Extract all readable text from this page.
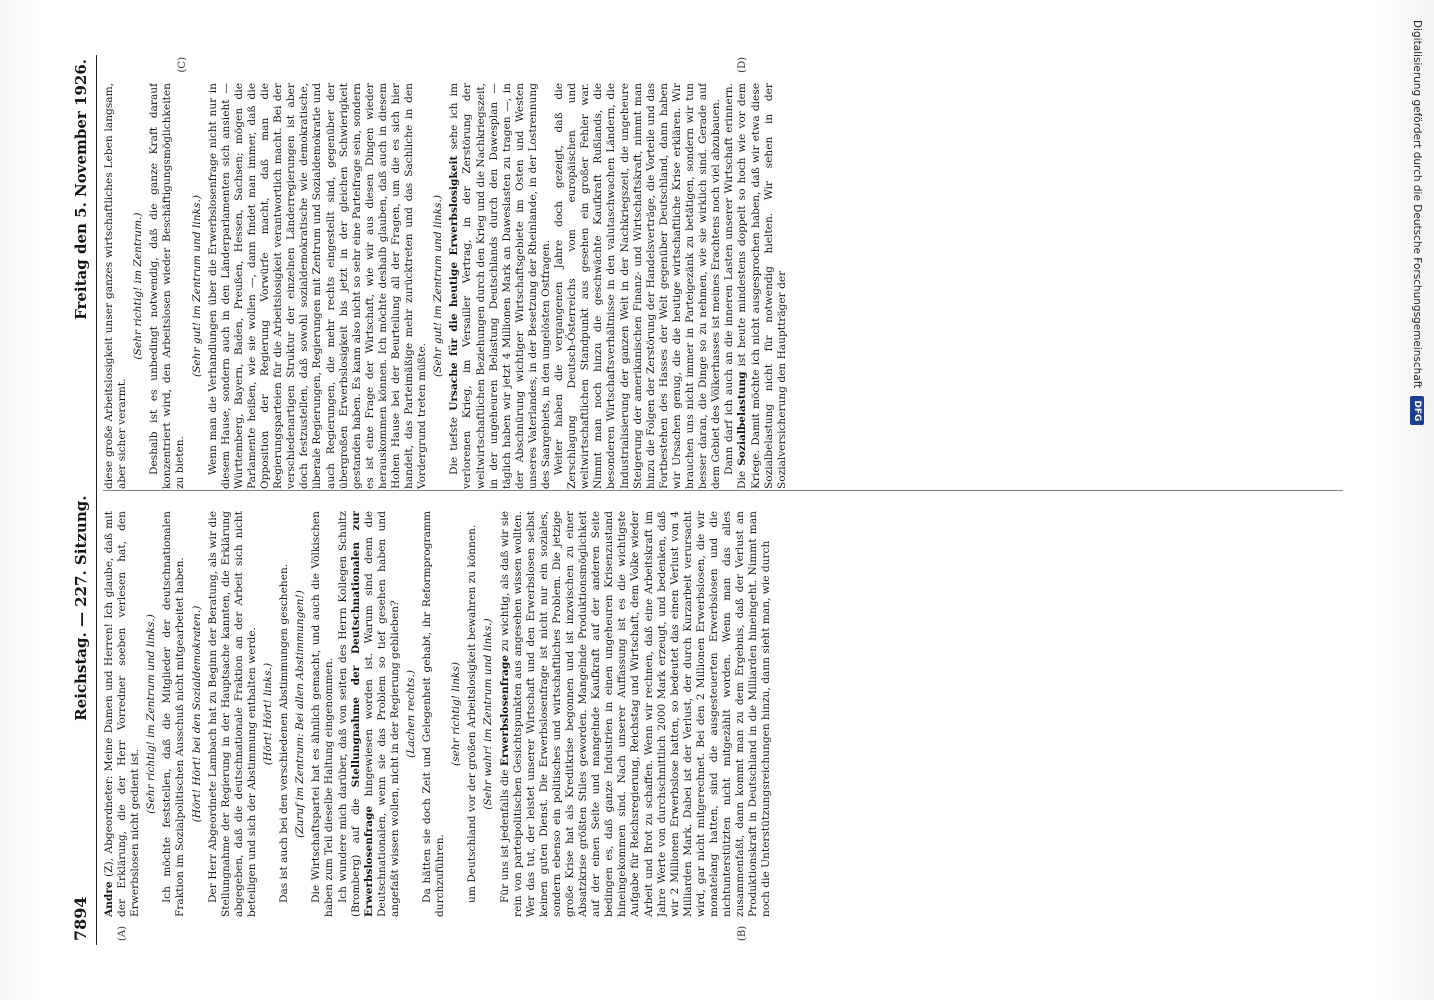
7894
Reichstag. — 227. Sitzung.
Freitag den 5. November 1926.
(A)	(B)
(C)	(D)

Andre (Z), Abgeordneter: Meine Damen und Herren! Ich glaube, daß mit der Erklärung, die der Herr Vorredner soeben verlesen hat, den Erwerbslosen nicht gedient ist.

(Sehr richtig! im Zentrum und links.) Ich möchte feststellen, daß die Mitglieder der deutschnationalen Fraktion im Sozialpolitischen Ausschuß nicht mitgearbeitet haben. (Hört! Hört! bei den Sozialdemokraten.) Der Herr Abgeordnete Lambach hat zu Beginn der Beratung, als wir die Stellungnahme der Regierung in der Hauptsache kannten, die Erklärung abgegeben, daß die deutschnationale Fraktion an der Arbeit sich nicht beteiligen und sich der Abstimmung enthalten werde. (Hört! Hört! links.) Das ist auch bei den verschiedenen Abstimmungen geschehen. (Zuruf im Zentrum: Bei allen Abstimmungen!) Die Wirtschaftspartei hat es ähnlich gemacht, und auch die Völkischen haben zum Teil dieselbe Haltung eingenommen. Ich wundere mich darüber, daß von seiten des Herrn Kollegen Schultz (Bromberg) auf die Stellungnahme der Deutschnationalen zur Erwerbslosenfrage hingewiesen worden ist. Warum sind denn die Deutschnationalen, wenn sie das Problem so tief gesehen haben und angefaßt wissen wollen, nicht in der Regierung geblieben? (Lachen rechts.) Da hätten sie doch Zeit und Gelegenheit gehabt, ihr Reformprogramm durchzuführen.

(sehr richtig! links) um Deutschland vor der großen Arbeitslosigkeit bewahren zu können. (Sehr wahr! im Zentrum und links.)

Für uns ist jedenfalls die Erwerbslosenfrage zu wichtig, als daß wir sie rein von parteipolitischen Gesichtspunkten aus angesehen wissen wollten. Wer das tut, der leistet unserer Wirtschaft und den Erwerbslosen selbst keinen guten Dienst. Die Erwerbslosenfrage ist nicht nur ein soziales, sondern ebenso ein politisches und wirtschaftliches Problem. Die jetzige große Krise hat als Kreditkrise begonnen und ist inzwischen zu einer Absatzkrise größten Stiles geworden. Mangelnde Produktionsmöglichkeit auf der einen Seite und mangelnde Kaufkraft auf der anderen Seite bedingen es, daß ganze Industrien in einen ungeheuren Krisenzustand hineingekommen sind. Nach unserer Auffassung ist es die wichtigste Aufgabe für Reichsregierung, Reichstag und Wirtschaft, dem Volke wieder Arbeit und Brot zu schaffen. Wenn wir rechnen, daß eine Arbeitskraft im Jahre Werte von durchschnittlich 2000 Mark erzeugt, und bedenken, daß wir 2 Millionen Erwerbslose hatten, so bedeutet das einen Verlust von 4 Milliarden Mark. Dabei ist der Verlust, der durch Kurzarbeit verursacht wird, gar nicht mitgerechnet. Bei den 2 Millionen Erwerbslosen, die wir monatelang hatten, sind die ausgesteuerten Erwerbslosen und die nichtunterstützten nicht mitgezählt worden. Wenn man das alles zusammenfaßt, dann kommt man zu dem Ergebnis, daß der Verlust an Produktionskraft in Deutschland in die Milliarden hineingeht. Nimmt man noch die Unterstützungsreichungen hinzu, dann sieht man, wie durch

diese große Arbeitslosigkeit unser ganzes wirtschaftliches Leben langsam, aber sicher verarmt.

(Sehr richtig! im Zentrum.) Deshalb ist es unbedingt notwendig, daß die ganze Kraft darauf konzentriert wird, den Arbeitslosen wieder Beschäftigungsmöglichkeiten zu bieten.

(Sehr gut! im Zentrum und links.) Wenn man die Verhandlungen über die Erwerbslosenfrage nicht nur in diesem Hause, sondern auch in den Länderparlamenten sich ansieht — Württemberg, Bayern, Baden, Preußen, Hessen, Sachsen; mögen die Parlamente heißen, wie sie wollen —, dann findet man immer, daß die Opposition der Regierung Vorwürfe macht, daß man die Regierungsparteien für die Arbeitslosigkeit verantwortlich macht. Bei der verschiedenartigen Struktur der einzelnen Länderregierungen ist aber doch festzustellen, daß sowohl sozialdemokratische wie demokratische, liberale Regierungen, Regierungen mit Zentrum und Sozialdemokratie und auch Regierungen, die mehr rechts eingestellt sind, gegenüber der übergroßen Erwerbslosigkeit bis jetzt in der gleichen Schwierigkeit gestanden haben. Es kann also nicht so sehr eine Parteifrage sein, sondern es ist eine Frage der Wirtschaft, wie wir aus diesen Dingen wieder herauskommen können. Ich möchte deshalb glauben, daß auch in diesem Hohen Hause bei der Beurteilung all der Fragen, um die es sich hier handelt, das Parteimäßige mehr zurücktreten und das Sachliche in den Vordergrund treten müßte.

(Sehr gut! im Zentrum und links.)

Die tiefste Ursache für die heutige Erwerbslosigkeit sehe ich im verlorenen Krieg, im Versailler Vertrag, in der Zerstörung der weltwirtschaftlichen Beziehungen durch den Krieg und die Nachkriegszeit, in der ungeheuren Belastung Deutschlands durch den Dawesplan — täglich haben wir jetzt 4 Millionen Mark an Daweslasten zu tragen —, in der Abschnürung wichtiger Wirtschaftsgebiete im Osten und Westen unseres Vaterlandes, in der Besetzung der Rheinlande, in der Lostrennung des Saargebiets, in den ungelösten Ostfragen. Weiter haben die vergangenen Jahre doch gezeigt, daß die Zerschlagung Deutsch-Österreichs vom europäischen und weltwirtschaftlichen Standpunkt aus gesehen ein großer Fehler war. Nimmt man noch hinzu die geschwächte Kaufkraft Rußlands, die besonderen Wirtschaftsverhältnisse in den valutaschwachen Ländern, die Industrialisierung der ganzen Welt in der Nachkriegszeit, die ungeheure Steigerung der amerikanischen Finanz- und Wirtschaftskraft, nimmt man hinzu die Folgen der Zerstörung der Handelsverträge, die Vorteile und das Fortbestehen des Hasses der Welt gegenüber Deutschland, dann haben wir Ursachen genug, die die heutige wirtschaftliche Krise erklären. Wir brauchen uns nicht immer in Parteigezänk zu betätigen, sondern wir tun besser daran, die Dinge so zu nehmen, wie sie wirklich sind. Gerade auf dem Gebiet des Völkerhasses ist meines Erachtens noch viel abzubauen. Dann darf ich auch an die inneren Lasten unserer Wirtschaft erinnern. Die Sozialbelastung ist heute mindestens doppelt so hoch wie vor dem Kriege. Damit möchte ich nicht ausgesprochen haben, daß wir etwa diese Sozialbelastung nicht für notwendig hielten. Wir sehen in der Sozialversicherung den Hauptträger der	Digitalisierung gefördert durch die Deutsche Forschungsgemeinschaft
DFG
